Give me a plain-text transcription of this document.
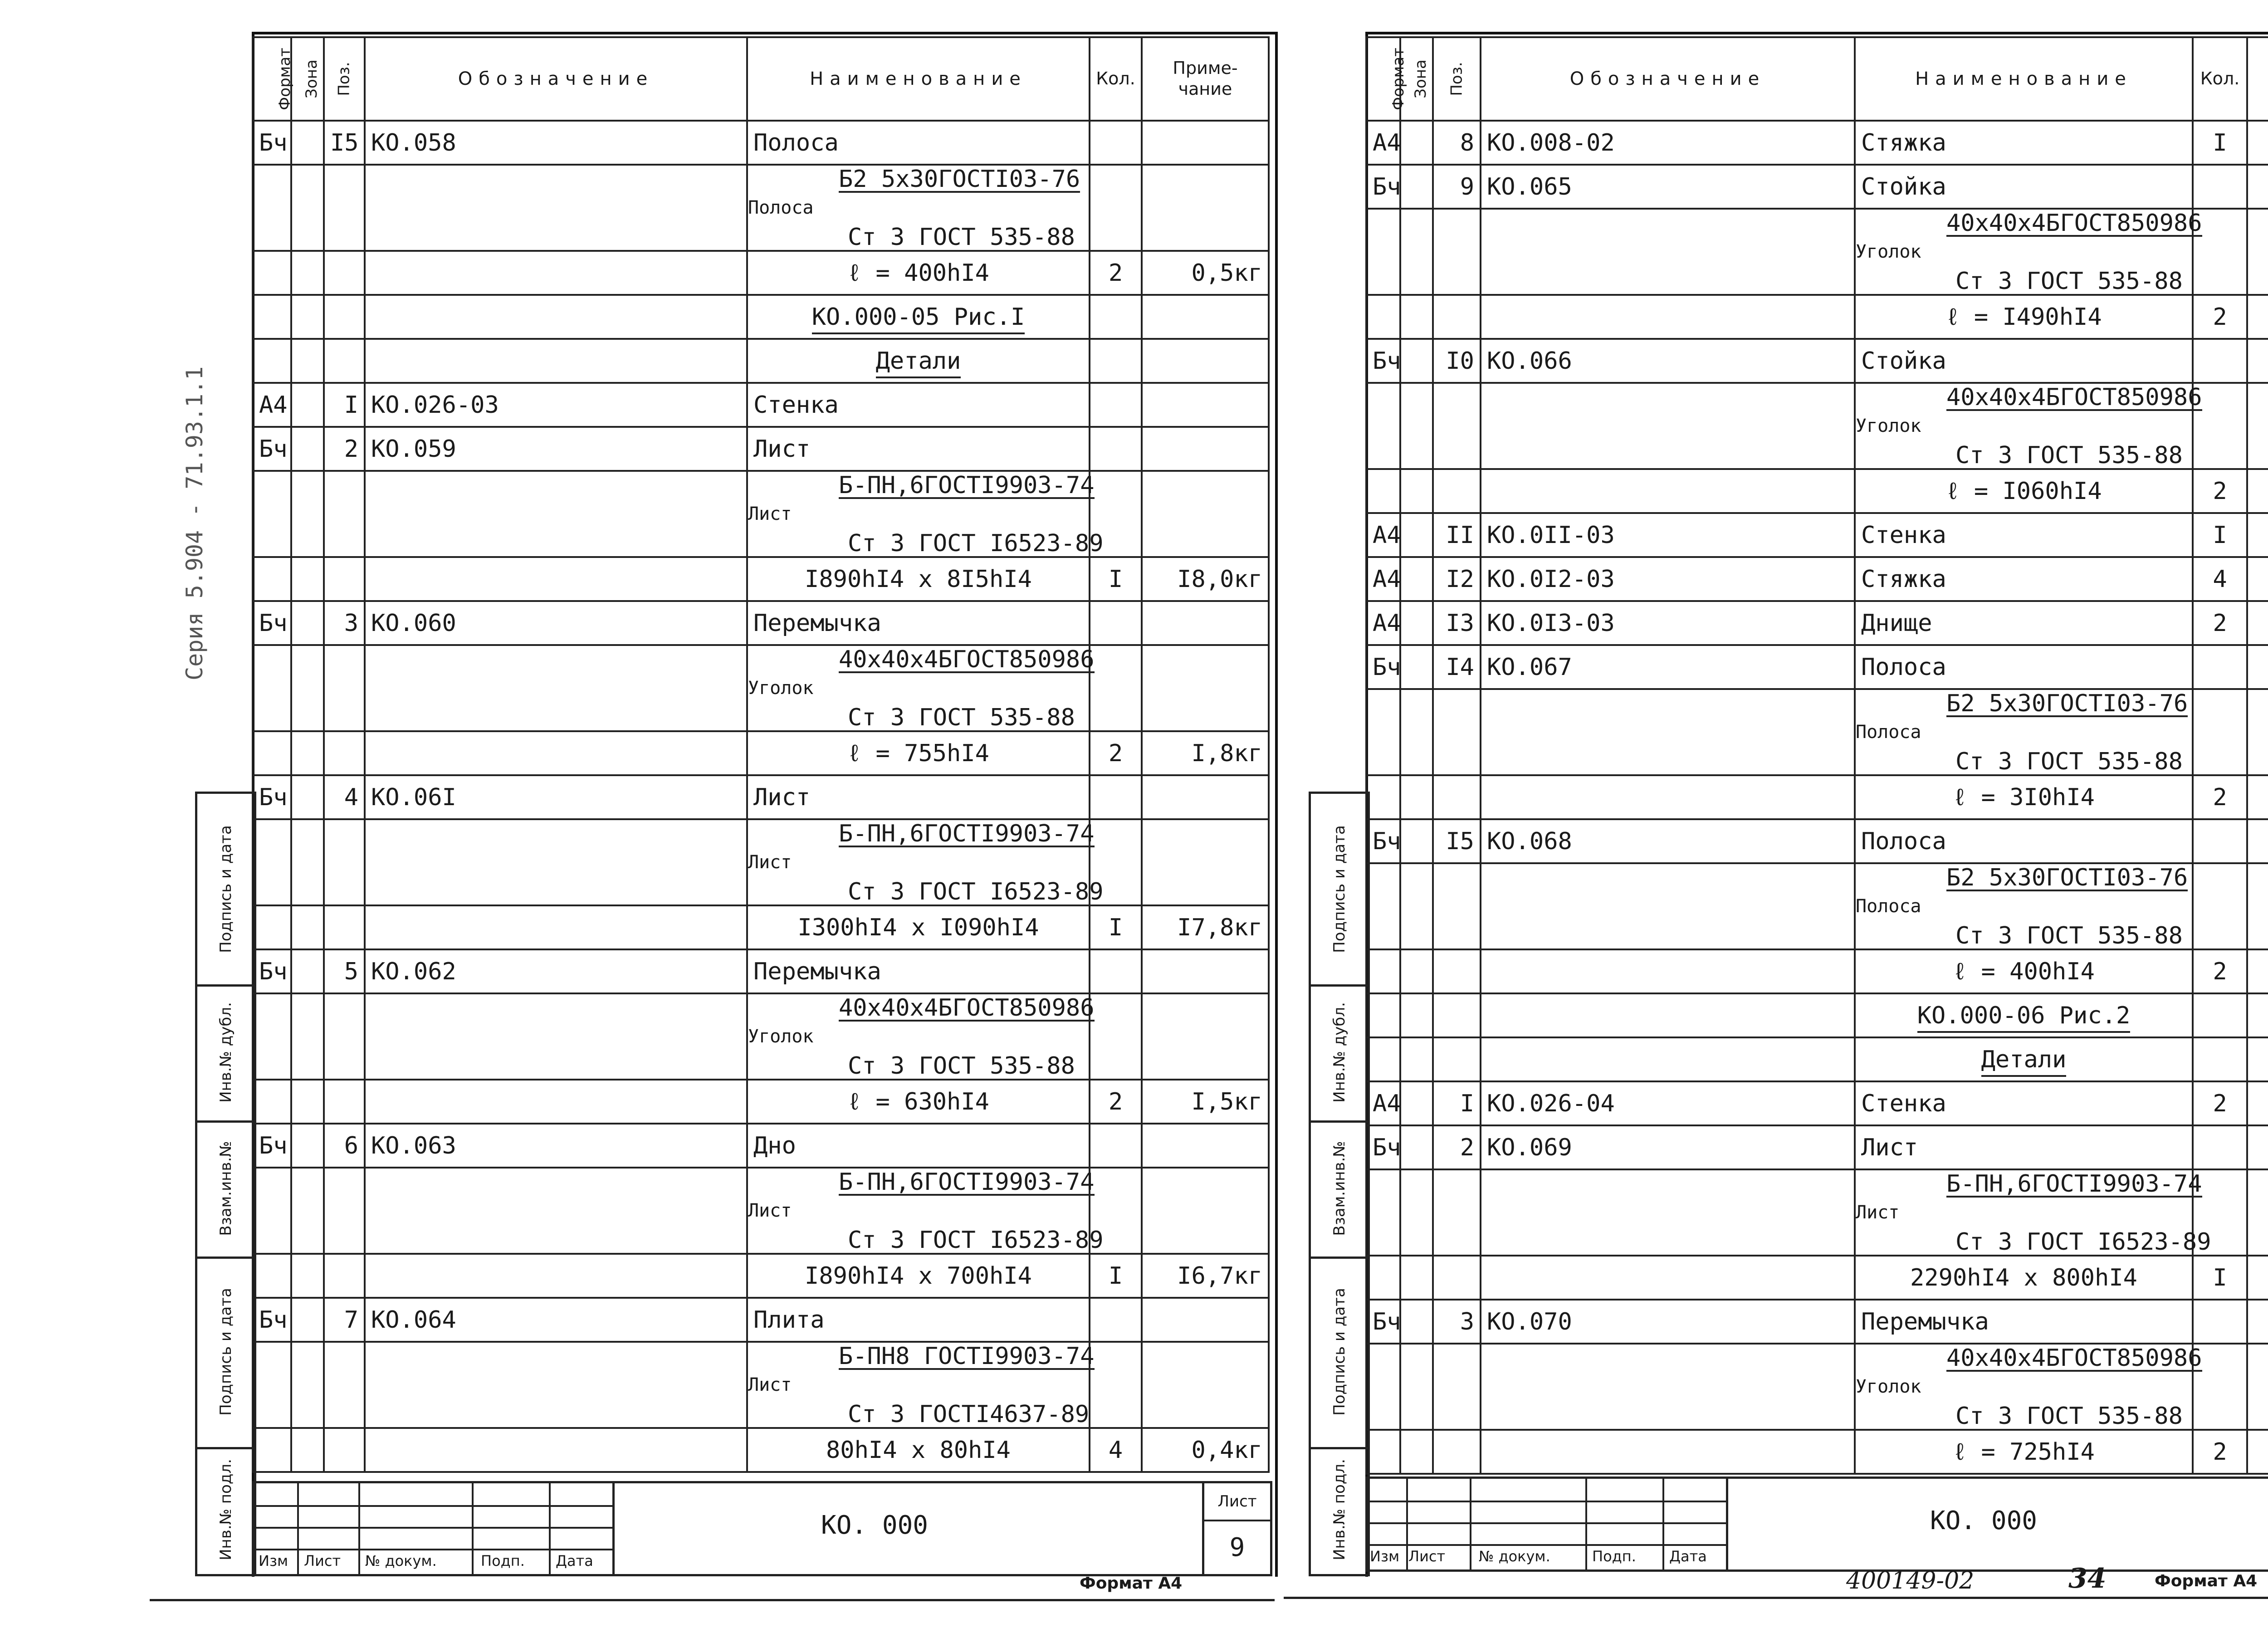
Серия 5.904 - 71.93.1.1
Формат	Зона	Поз.	Обозначение	Наименование	Кол.	Приме-чание
Бч		I5	КО.058	Полоса		

				Полоса
Б2 5х30ГОСТI03-76
Ст 3 ГОСТ 535-88		

				ℓ = 400hI4	2	0,5кг
				КО.000-05 Рис.I		
				Детали		
А4		I	КО.026-03	Стенка		
Бч		2	КО.059	Лист		

				Лист
Б-ПН,6ГОСТI9903-74
Ст 3 ГОСТ I6523-89		

				I890hI4 х 8I5hI4	I	I8,0кг
Бч		3	КО.060	Перемычка		

				Уголок
40х40х4БГОСТ850986
Ст 3 ГОСТ 535-88		

				ℓ = 755hI4	2	I,8кг
Бч		4	КО.06I	Лист		

				Лист
Б-ПН,6ГОСТI9903-74
Ст 3 ГОСТ I6523-89		

				I300hI4 х I090hI4	I	I7,8кг
Бч		5	КО.062	Перемычка		

				Уголок
40х40х4БГОСТ850986
Ст 3 ГОСТ 535-88		

				ℓ = 630hI4	2	I,5кг
Бч		6	КО.063	Дно		

				Лист
Б-ПН,6ГОСТI9903-74
Ст 3 ГОСТ I6523-89		

				I890hI4 х 700hI4	I	I6,7кг
Бч		7	КО.064	Плита		

				Лист
Б-ПН8 ГОСТI9903-74
Ст 3 ГОСТI4637-89		

				80hI4 х 80hI4	4	0,4кг
Подпись и дата
Инв.№ дубл.
Взам.инв.№
Подпись и дата
Инв.№ подл.	КО. 000
Лист
9
Формат А4
Формат	Зона	Поз.	Обозначение	Наименование	Кол.	
А4		8	КО.008-02	Стяжка	I	
Бч		9	КО.065	Стойка		

				Уголок
40х40х4БГОСТ850986
Ст 3 ГОСТ 535-88		

				ℓ = I490hI4	2	
Бч		I0	КО.066	Стойка		

				Уголок
40х40х4БГОСТ850986
Ст 3 ГОСТ 535-88		

				ℓ = I060hI4	2	
А4		II	КО.0II-03	Стенка	I	
А4		I2	КО.0I2-03	Стяжка	4	
А4		I3	КО.0I3-03	Днище	2	
Бч		I4	КО.067	Полоса		

				Полоса
Б2 5х30ГОСТI03-76
Ст 3 ГОСТ 535-88		

				ℓ = 3I0hI4	2	
Бч		I5	КО.068	Полоса		

				Полоса
Б2 5х30ГОСТI03-76
Ст 3 ГОСТ 535-88		

				ℓ = 400hI4	2	
				КО.000-06 Рис.2		
				Детали		
А4		I	КО.026-04	Стенка	2	
Бч		2	КО.069	Лист		

				Лист
Б-ПН,6ГОСТI9903-74
Ст 3 ГОСТ I6523-89		

				2290hI4 х 800hI4	I	
Бч		3	КО.070	Перемычка		

				Уголок
40х40х4БГОСТ850986
Ст 3 ГОСТ 535-88		

				ℓ = 725hI4	2	
Подпись и дата
Инв.№ дубл.
Взам.инв.№
Подпись и дата
Инв.№ подл.	КО. 000
400149-02	34	Формат А4
